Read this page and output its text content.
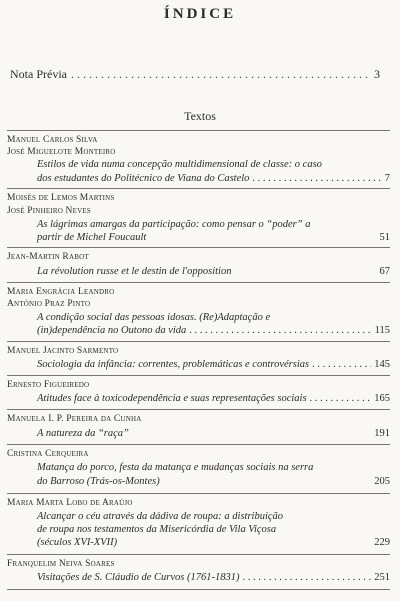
ÍNDICE
Nota Prévia . . .	3
Textos
Manuel Carlos Silva
José Miguelote Monteiro
Estilos de vida numa concepção multidimensional de classe: o caso
dos estudantes do Politécnico de Viana do Castelo . . .	7
Moisés de Lemos Martins
José Pinheiro Neves
As lágrimas amargas da participação: como pensar o “poder” a
partir de Michel Foucault	51
Jean-Martin Rabot
La révolution russe et le destin de l'opposition	67
Maria Engrácia Leandro
António Praz Pinto
A condição social das pessoas idosas. (Re)Adaptação e
(in)dependência no Outono da vida . . .	115
Manuel Jacinto Sarmento
Sociologia da infância: correntes, problemáticas e controvérsias . . .	145
Ernesto Figueiredo
Atitudes face à toxicodependência e suas representações sociais . . .	165
Manuela I. P. Pereira da Cunha
A natureza da “raça”	191
Cristina Cerqueira
Matança do porco, festa da matança e mudanças sociais na serra
do Barroso (Trás-os-Montes)	205
Maria Marta Lobo de Araújo
Alcançar o céu através da dádiva de roupa: a distribuição
de roupa nos testamentos da Misericórdia de Vila Viçosa
(séculos XVI-XVII)	229
Franquelim Neiva Soares
Visitações de S. Cláudio de Curvos (1761-1831) . . .	251
